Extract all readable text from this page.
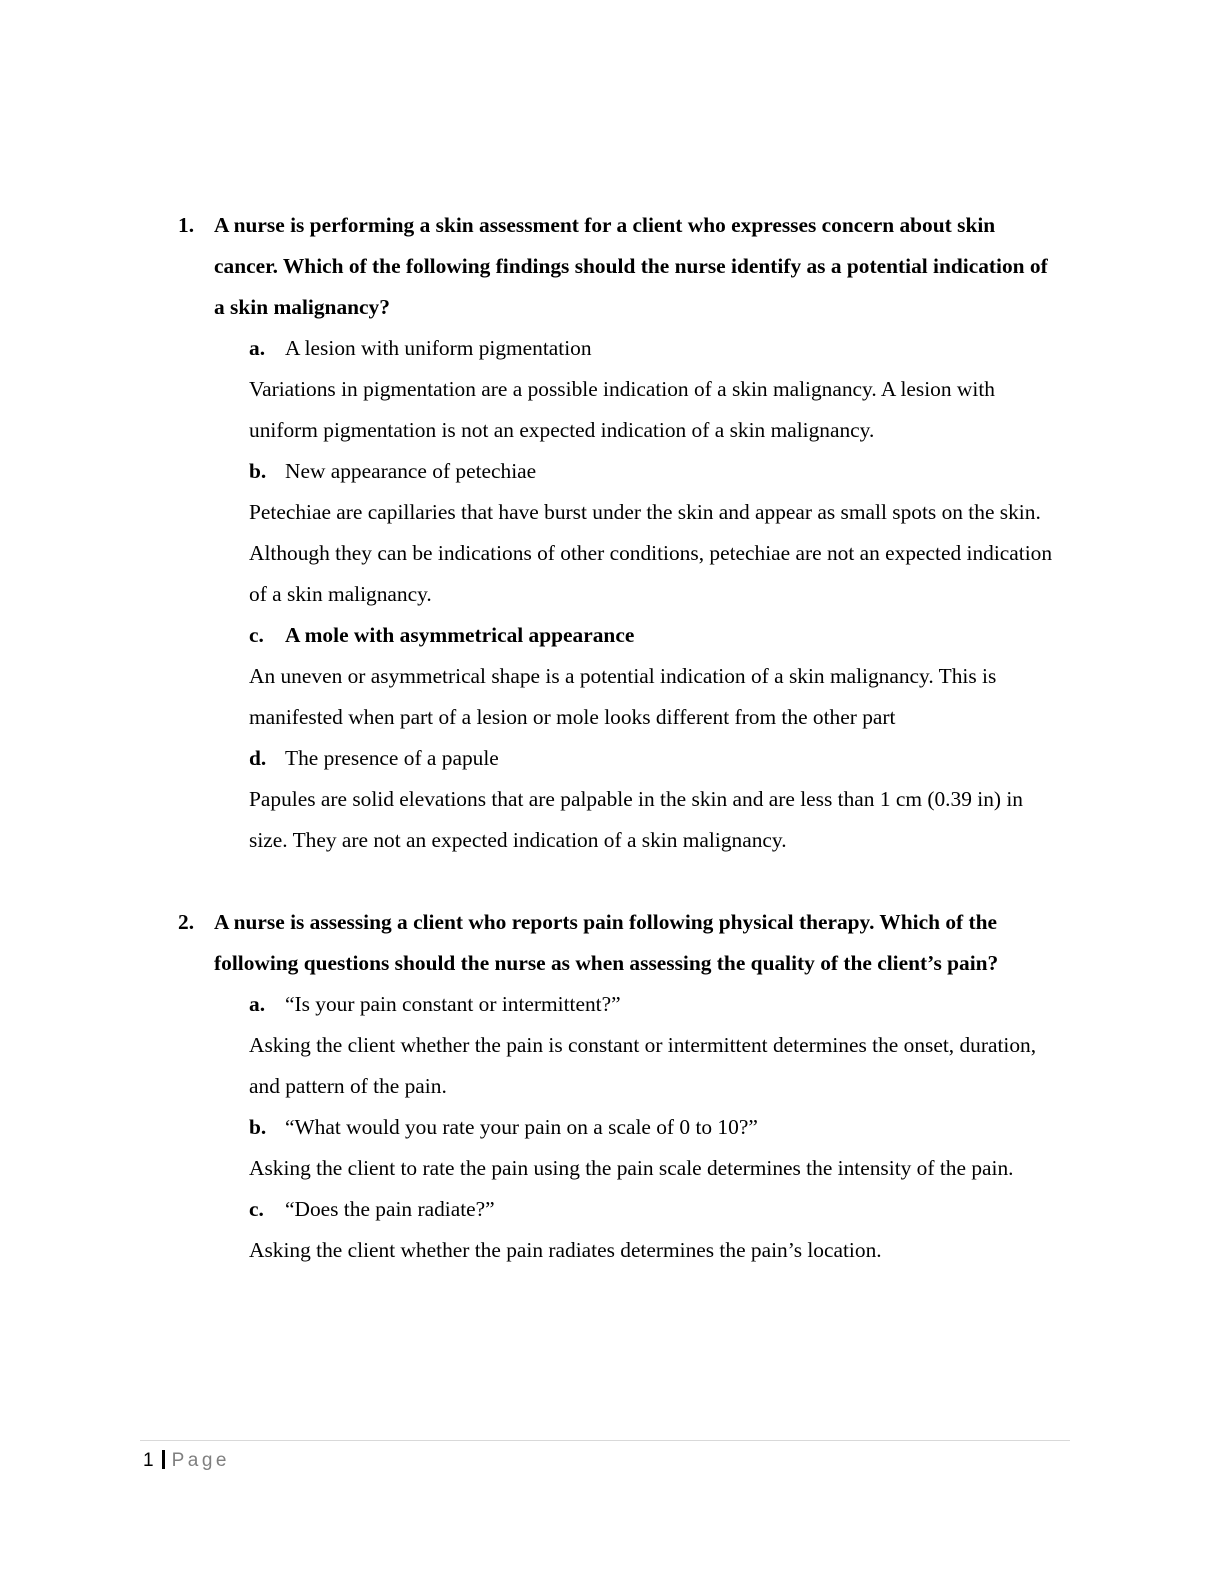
1. A nurse is performing a skin assessment for a client who expresses concern about skin cancer. Which of the following findings should the nurse identify as a potential indication of a skin malignancy?
a. A lesion with uniform pigmentation
Variations in pigmentation are a possible indication of a skin malignancy. A lesion with uniform pigmentation is not an expected indication of a skin malignancy.
b. New appearance of petechiae
Petechiae are capillaries that have burst under the skin and appear as small spots on the skin. Although they can be indications of other conditions, petechiae are not an expected indication of a skin malignancy.
c. A mole with asymmetrical appearance
An uneven or asymmetrical shape is a potential indication of a skin malignancy. This is manifested when part of a lesion or mole looks different from the other part
d. The presence of a papule
Papules are solid elevations that are palpable in the skin and are less than 1 cm (0.39 in) in size. They are not an expected indication of a skin malignancy.
2. A nurse is assessing a client who reports pain following physical therapy. Which of the following questions should the nurse as when assessing the quality of the client’s pain?
a. “Is your pain constant or intermittent?”
Asking the client whether the pain is constant or intermittent determines the onset, duration, and pattern of the pain.
b. “What would you rate your pain on a scale of 0 to 10?”
Asking the client to rate the pain using the pain scale determines the intensity of the pain.
c. “Does the pain radiate?”
Asking the client whether the pain radiates determines the pain’s location.
1 Page
